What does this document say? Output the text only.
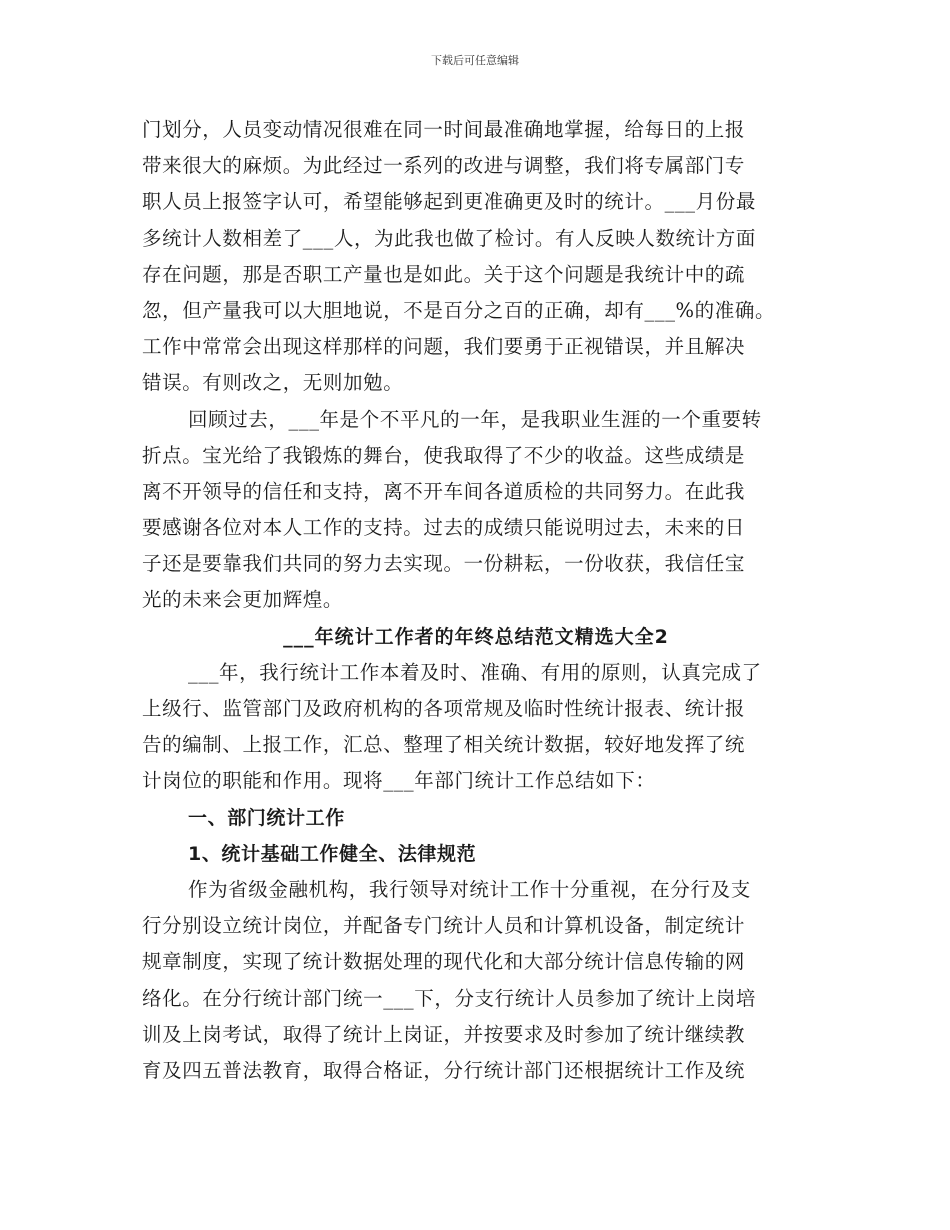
下载后可任意编辑
门划分，人员变动情况很难在同一时间最准确地掌握，给每日的上报
带来很大的麻烦。为此经过一系列的改进与调整，我们将专属部门专
职人员上报签字认可，希望能够起到更准确更及时的统计。___月份最
多统计人数相差了___人，为此我也做了检讨。有人反映人数统计方面
存在问题，那是否职工产量也是如此。关于这个问题是我统计中的疏
忽，但产量我可以大胆地说，不是百分之百的正确，却有___%的准确。
工作中常常会出现这样那样的问题，我们要勇于正视错误，并且解决
错误。有则改之，无则加勉。
回顾过去，___年是个不平凡的一年，是我职业生涯的一个重要转
折点。宝光给了我锻炼的舞台，使我取得了不少的收益。这些成绩是
离不开领导的信任和支持，离不开车间各道质检的共同努力。在此我
要感谢各位对本人工作的支持。过去的成绩只能说明过去，未来的日
子还是要靠我们共同的努力去实现。一份耕耘，一份收获，我信任宝
光的未来会更加辉煌。
___年统计工作者的年终总结范文精选大全2
___年，我行统计工作本着及时、准确、有用的原则，认真完成了
上级行、监管部门及政府机构的各项常规及临时性统计报表、统计报
告的编制、上报工作，汇总、整理了相关统计数据，较好地发挥了统
计岗位的职能和作用。现将___年部门统计工作总结如下：
一、部门统计工作
1、统计基础工作健全、法律规范
作为省级金融机构，我行领导对统计工作十分重视，在分行及支
行分别设立统计岗位，并配备专门统计人员和计算机设备，制定统计
规章制度，实现了统计数据处理的现代化和大部分统计信息传输的网
络化。在分行统计部门统一___下，分支行统计人员参加了统计上岗培
训及上岗考试，取得了统计上岗证，并按要求及时参加了统计继续教
育及四五普法教育，取得合格证，分行统计部门还根据统计工作及统
